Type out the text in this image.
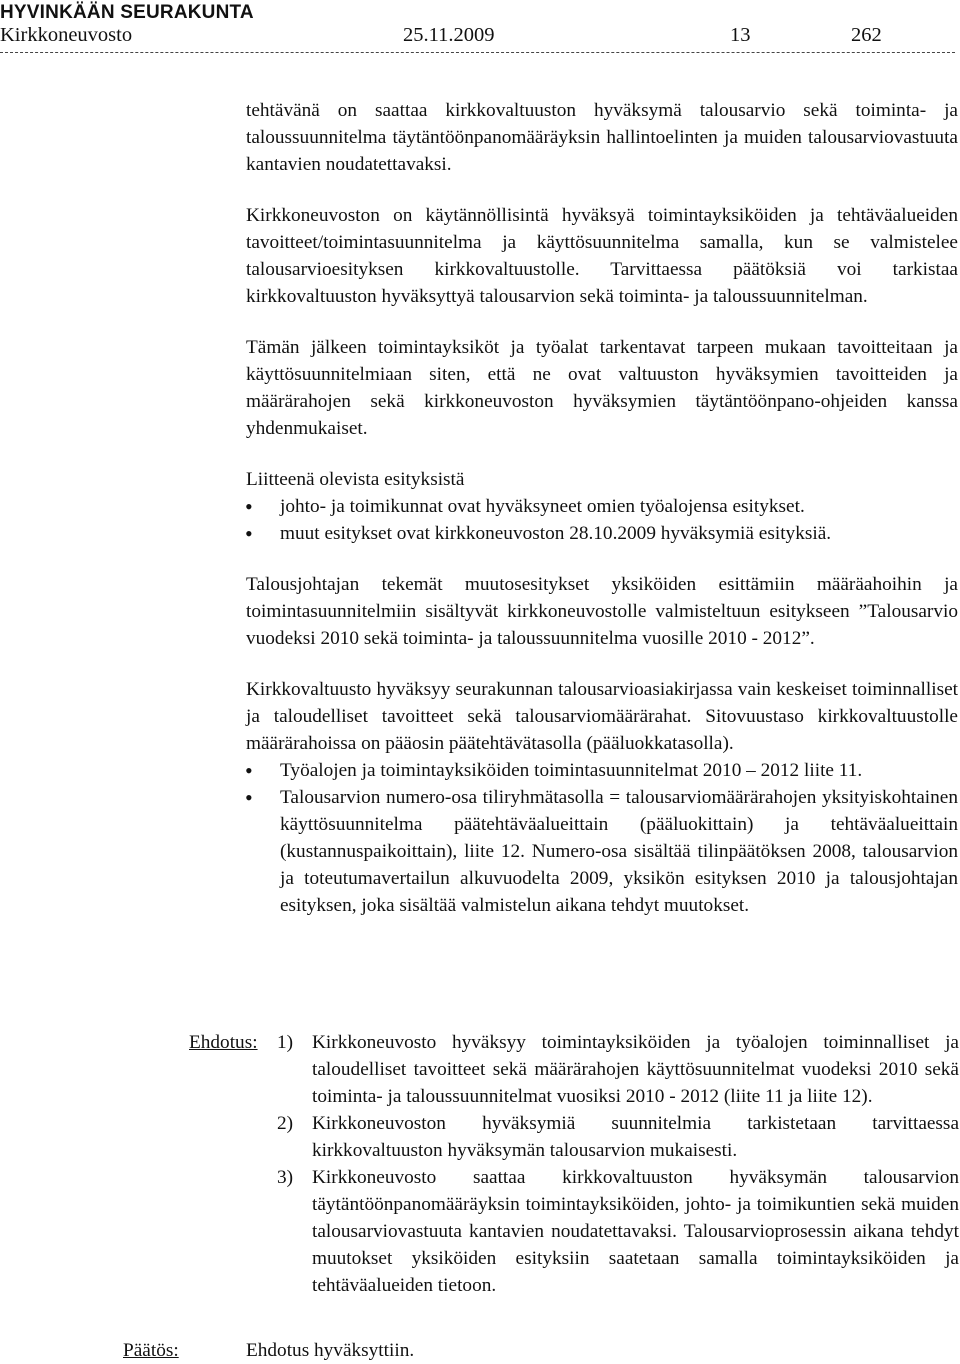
HYVINKÄÄN SEURAKUNTA
Kirkkoneuvosto	25.11.2009	13	262

tehtävänä on saattaa kirkkovaltuuston hyväksymä talousarvio sekä toiminta- ja taloussuunnitelma täytäntöönpanomääräyksin hallintoelinten ja muiden talousarviovastuuta kantavien noudatettavaksi.

Kirkkoneuvoston on käytännöllisintä hyväksyä toimintayksiköiden ja tehtäväalueiden tavoitteet/toimintasuunnitelma ja käyttösuunnitelma samalla, kun se valmistelee talousarvioesityksen kirkkovaltuustolle. Tarvittaessa päätöksiä voi tarkistaa kirkkovaltuuston hyväksyttyä talousarvion sekä toiminta- ja taloussuunnitelman.

Tämän jälkeen toimintayksiköt ja työalat tarkentavat tarpeen mukaan tavoitteitaan ja käyttösuunnitelmiaan siten, että ne ovat valtuuston hyväksymien tavoitteiden ja määrärahojen sekä kirkkoneuvoston hyväksymien täytäntöönpano-ohjeiden kanssa yhdenmukaiset.

Liitteenä olevista esityksistä

• johto- ja toimikunnat ovat hyväksyneet omien työalojensa esitykset.
• muut esitykset ovat kirkkoneuvoston 28.10.2009 hyväksymiä esityksiä.

Talousjohtajan tekemät muutosesitykset yksiköiden esittämiin määräahoihin ja toimintasuunnitelmiin sisältyvät kirkkoneuvostolle valmisteltuun esitykseen ”Talousarvio vuodeksi 2010 sekä toiminta- ja taloussuunnitelma vuosille 2010 - 2012”.

Kirkkovaltuusto hyväksyy seurakunnan talousarvioasiakirjassa vain keskeiset toiminnalliset ja taloudelliset tavoitteet sekä talousarviomäärärahat. Sitovuustaso kirkkovaltuustolle määrärahoissa on pääosin päätehtävätasolla (pääluokkatasolla).

• Työalojen ja toimintayksiköiden toimintasuunnitelmat 2010 – 2012 liite 11.
• Talousarvion numero-osa tiliryhmätasolla = talousarviomäärärahojen yksityiskohtainen käyttösuunnitelma päätehtäväalueittain (pääluokittain) ja tehtäväalueittain (kustannuspaikoittain), liite 12. Numero-osa sisältää tilinpäätöksen 2008, talousarvion ja toteutumavertailun alkuvuodelta 2009, yksikön esityksen 2010 ja talousjohtajan esityksen, joka sisältää valmistelun aikana tehdyt muutokset.
Ehdotus: 1) Kirkkoneuvosto hyväksyy toimintayksiköiden ja työalojen toiminnalliset ja taloudelliset tavoitteet sekä määrärahojen käyttösuunnitelmat vuodeksi 2010 sekä toiminta- ja taloussuunnitelmat vuosiksi 2010 - 2012 (liite 11 ja liite 12).
2) Kirkkoneuvoston hyväksymiä suunnitelmia tarkistetaan tarvittaessa kirkkovaltuuston hyväksymän talousarvion mukaisesti.
3) Kirkkoneuvosto saattaa kirkkovaltuuston hyväksymän talousarvion täytäntöönpanomääräyksin toimintayksiköiden, johto- ja toimikuntien sekä muiden talousarviovastuuta kantavien noudatettavaksi. Talousarvioprosessin aikana tehdyt muutokset yksiköiden esityksiin saatetaan samalla toimintayksiköiden ja tehtäväalueiden tietoon.
Päätös:	Ehdotus hyväksyttiin.
